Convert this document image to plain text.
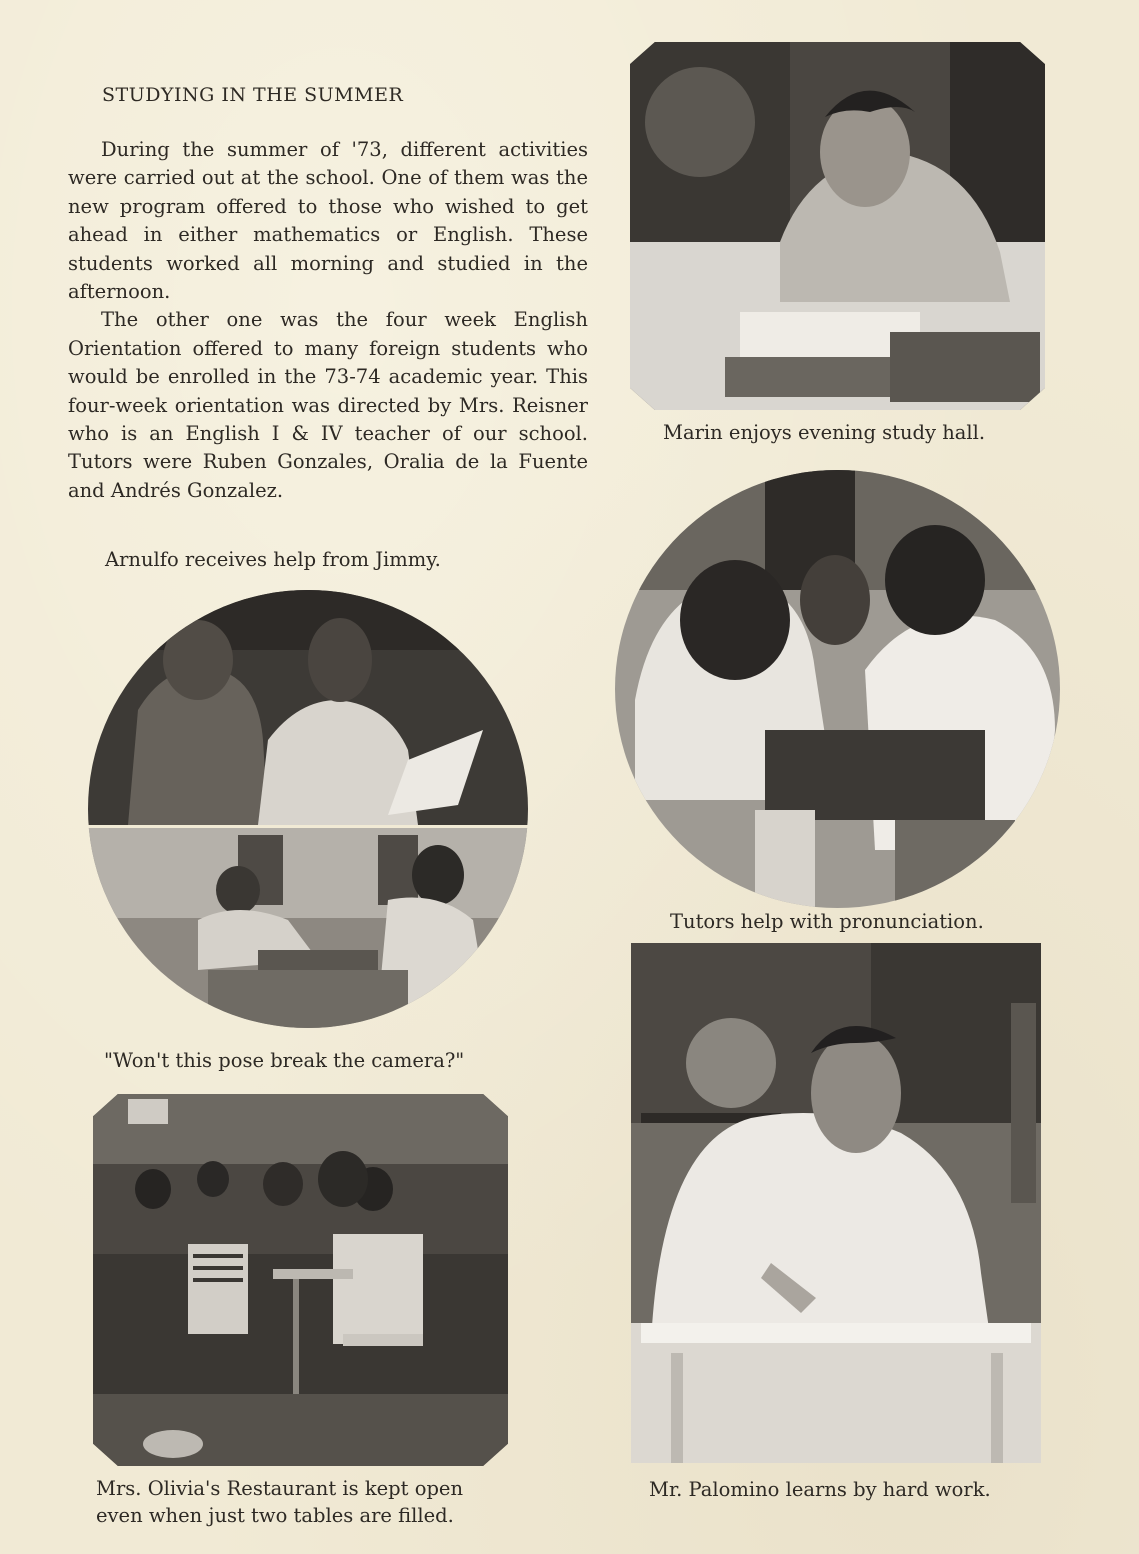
STUDYING IN THE SUMMER

During the summer of '73, different activities were carried out at the school. One of them was the new program offered to those who wished to get ahead in either mathematics or English. These students worked all morning and studied in the afternoon.

The other one was the four week English Orientation offered to many foreign students who would be enrolled in the 73-74 academic year. This four-week orientation was directed by Mrs. Reisner who is an English I & IV teacher of our school. Tutors were Ruben Gonzales, Oralia de la Fuente and Andrés Gonzalez.

Marin enjoys evening study hall.

Arnulfo receives help from Jimmy.

Tutors help with pronunciation.

"Won't this pose break the camera?"

Mrs. Olivia's Restaurant is kept open

even when just two tables are filled.

Mr. Palomino learns by hard work.
